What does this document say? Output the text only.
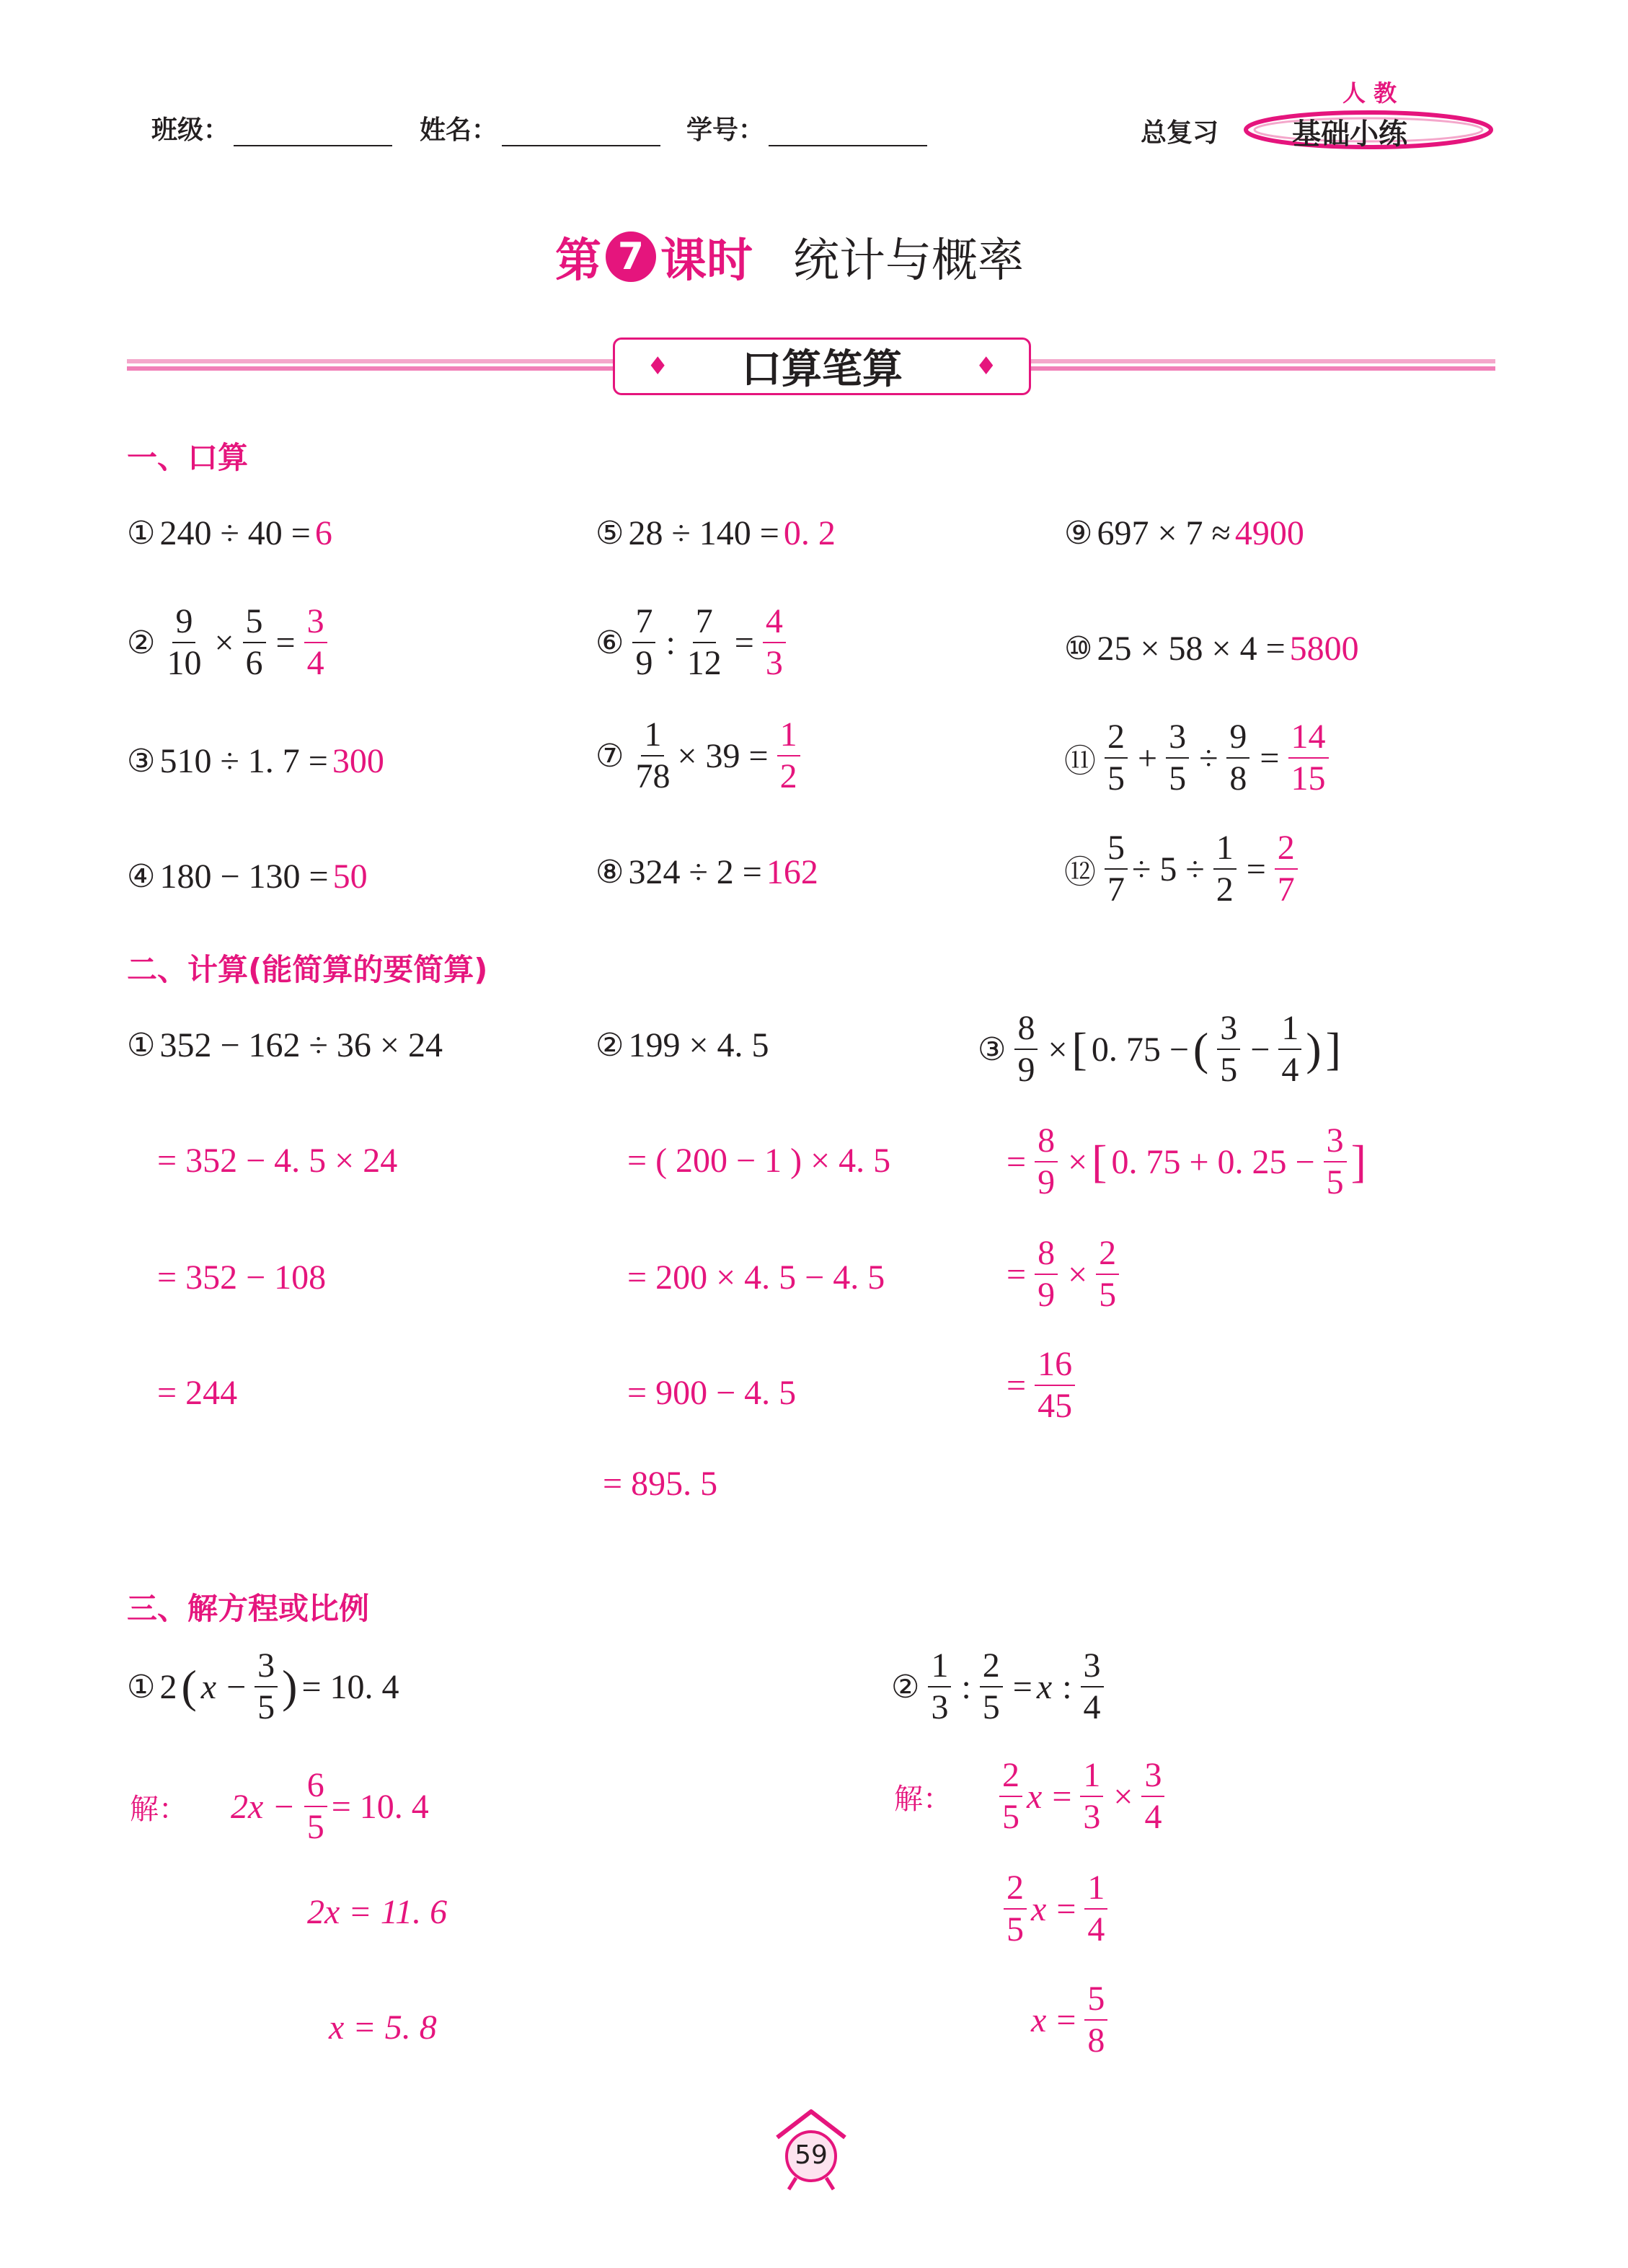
班级：	姓名：	学号：	总复习
人 教
基础小练
第 7 课时 统计与概率
♦ 口算笔算	♦
一、口算
① 240 ÷ 40 = 6
② $\frac{9}{10} \times \frac{5}{6} = \frac{3}{4}$
③ 510 ÷ 1. 7 = 300
④ 180 − 130 = 50
⑤ 28 ÷ 140 = 0. 2
⑥ $\frac{7}{9}$ : $\frac{7}{12} = \frac{4}{3}$
⑦ $\frac{1}{78} \times 39 = \frac{1}{2}$
⑧ 324 ÷ 2 = 162
⑨ 697 × 7 ≈ 4900
⑩ 25 × 58 × 4 = 5800
⑪ $\frac{2}{5} + \frac{3}{5} \div \frac{9}{8} = \frac{14}{15}$
⑫ $\frac{5}{7} \div 5 \div \frac{1}{2} = \frac{2}{7}$
二、计算(能简算的要简算)
① 352 − 162 ÷ 36 × 24
= 352 − 4. 5 × 24
= 352 − 108
= 244
② 199 × 4. 5
= ( 200 − 1 ) × 4. 5
= 200 × 4. 5 − 4. 5
= 900 − 4. 5
= 895. 5
③ $\frac{8}{9}$ × [ 0. 75 − ( $\frac{3}{5} - \frac{1}{4}$ ) ]
= $\frac{8}{9}$ × [ 0. 75 + 0. $25 - \frac{3}{5}$ ]
= $\frac{8}{9} \times \frac{2}{5}$
= $\frac{16}{45}$
三、解方程或比例
① 2 ( $x - \frac{3}{5}$ ) = 10. 4
解： $2x - \frac{6}{5} = 10$. 4
2x = 11. 6
x = 5. 8
② $\frac{1}{3}$ : $\frac{2}{5} = x$ : $\frac{3}{4}$
解： $\frac{2}{5}$ $x = \frac{1}{3} \times \frac{3}{4}$
$\frac{2}{5}$ $x = \frac{1}{4}$
$x = \frac{5}{8}$
59
